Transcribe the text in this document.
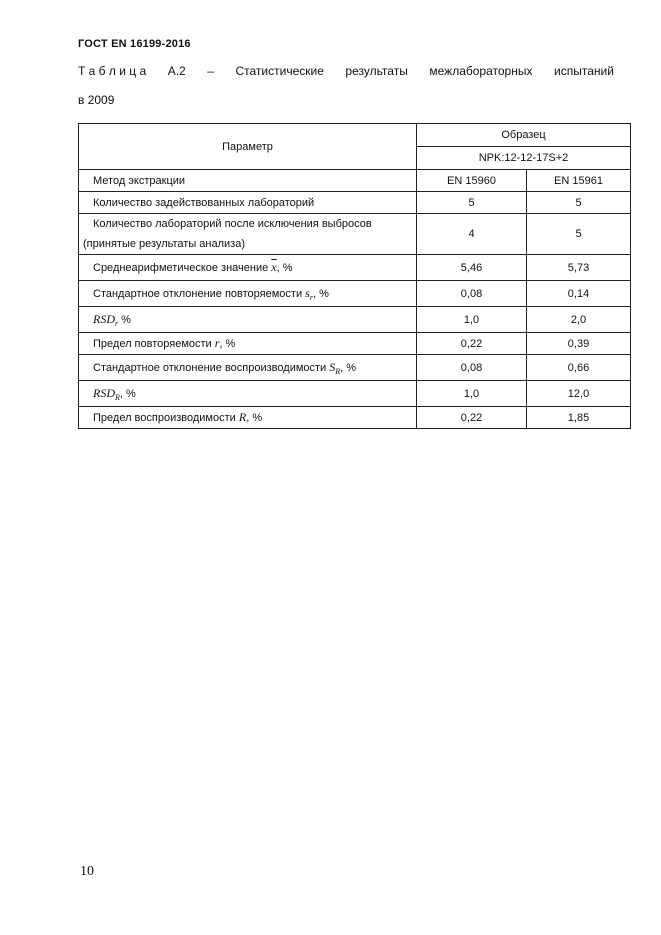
ГОСТ EN 16199-2016
Т а б л и ц а А.2 – Статистические результаты межлабораторных испытаний
в 2009
Параметр	Образец	
	NPK:12-12-17S+2	
Метод экстракции	EN 15960	EN 15961
Количество задействованных лабораторий	5	5
Количество лабораторий после исключения выбросов
(принятые результаты анализа)	4	5
Среднеарифметическое значение $\overline{x}$, %	5,46	5,73
Стандартное отклонение повторяемости $s_r$, %	0,08	0,14
$RSD_r$ %	1,0	2,0
Предел повторяемости r, %	0,22	0,39
Стандартное отклонение воспроизводимости $S_R$, %	0,08	0,66
$RSD_R$, %	1,0	12,0
Предел воспроизводимости R, %	0,22	1,85
10
